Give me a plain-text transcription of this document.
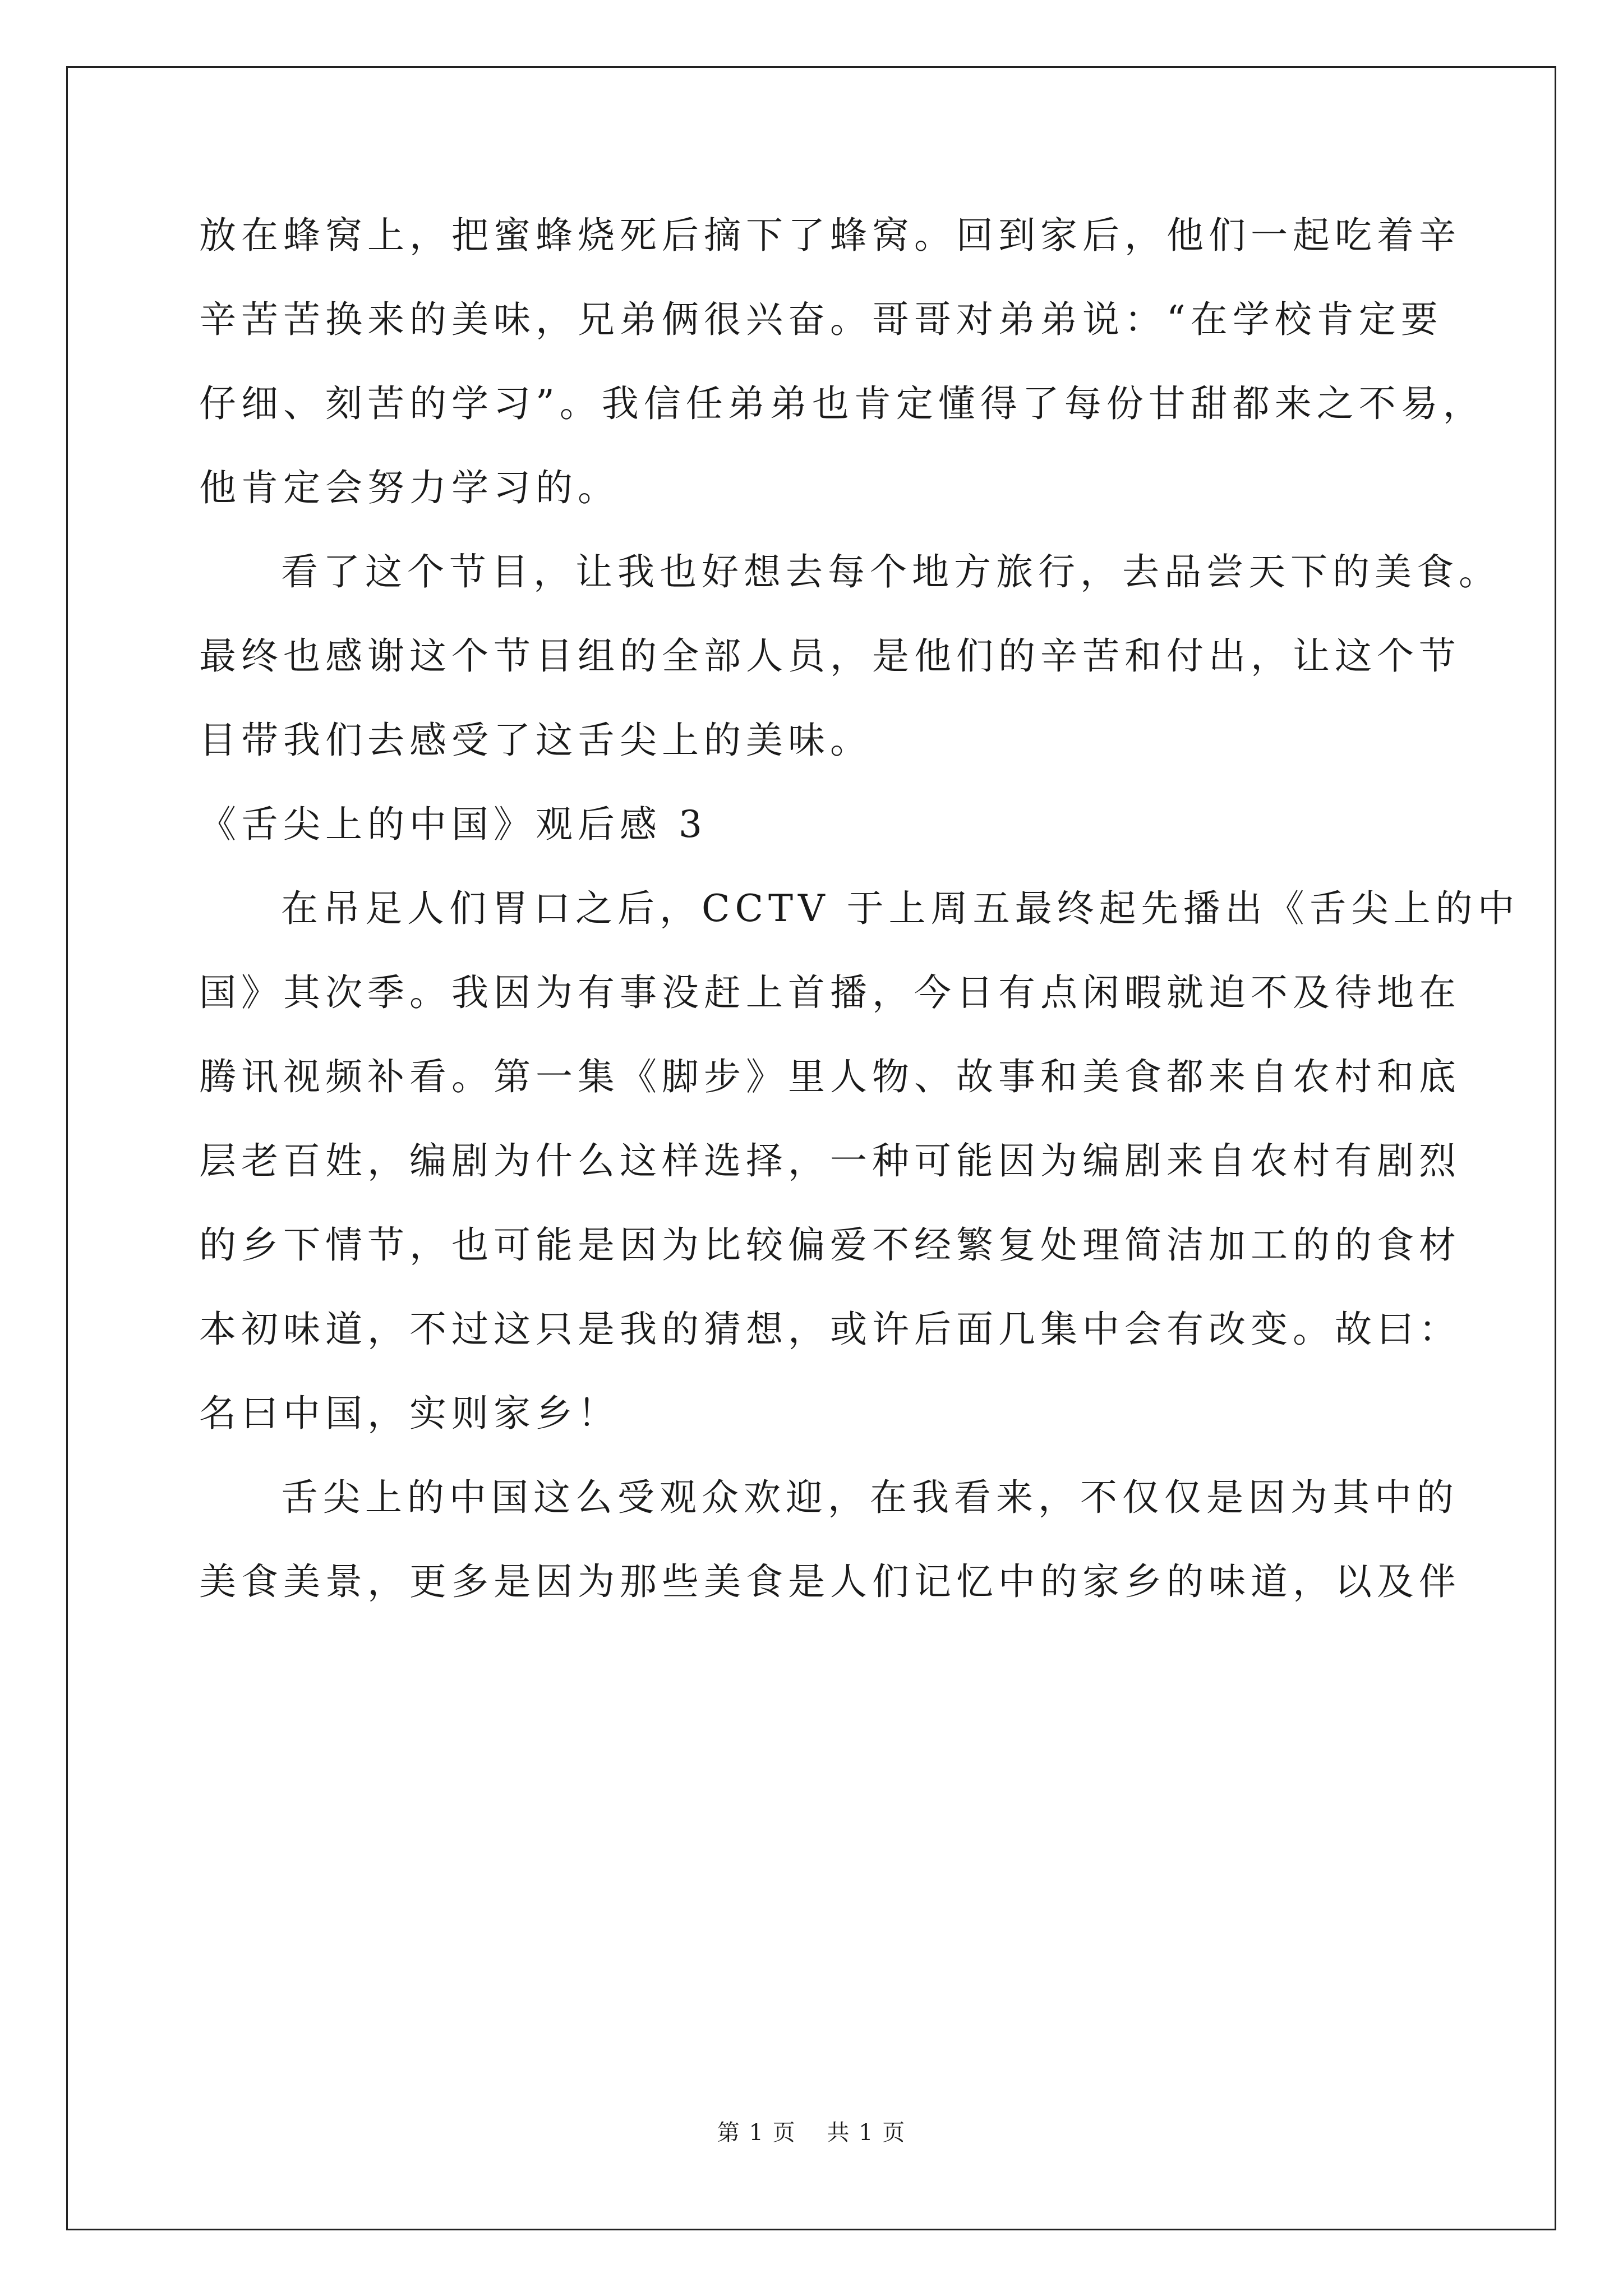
放在蜂窝上，把蜜蜂烧死后摘下了蜂窝。回到家后，他们一起吃着辛
辛苦苦换来的美味，兄弟俩很兴奋。哥哥对弟弟说：“在学校肯定要
仔细、刻苦的学习”。我信任弟弟也肯定懂得了每份甘甜都来之不易，
他肯定会努力学习的。
看了这个节目，让我也好想去每个地方旅行，去品尝天下的美食。
最终也感谢这个节目组的全部人员，是他们的辛苦和付出，让这个节
目带我们去感受了这舌尖上的美味。
《舌尖上的中国》观后感 3
在吊足人们胃口之后，CCTV 于上周五最终起先播出《舌尖上的中
国》其次季。我因为有事没赶上首播，今日有点闲暇就迫不及待地在
腾讯视频补看。第一集《脚步》里人物、故事和美食都来自农村和底
层老百姓，编剧为什么这样选择，一种可能因为编剧来自农村有剧烈
的乡下情节，也可能是因为比较偏爱不经繁复处理简洁加工的的食材
本初味道，不过这只是我的猜想，或许后面几集中会有改变。故曰：
名曰中国，实则家乡！
舌尖上的中国这么受观众欢迎，在我看来，不仅仅是因为其中的
美食美景，更多是因为那些美食是人们记忆中的家乡的味道，以及伴
第 1 页 共 1 页
